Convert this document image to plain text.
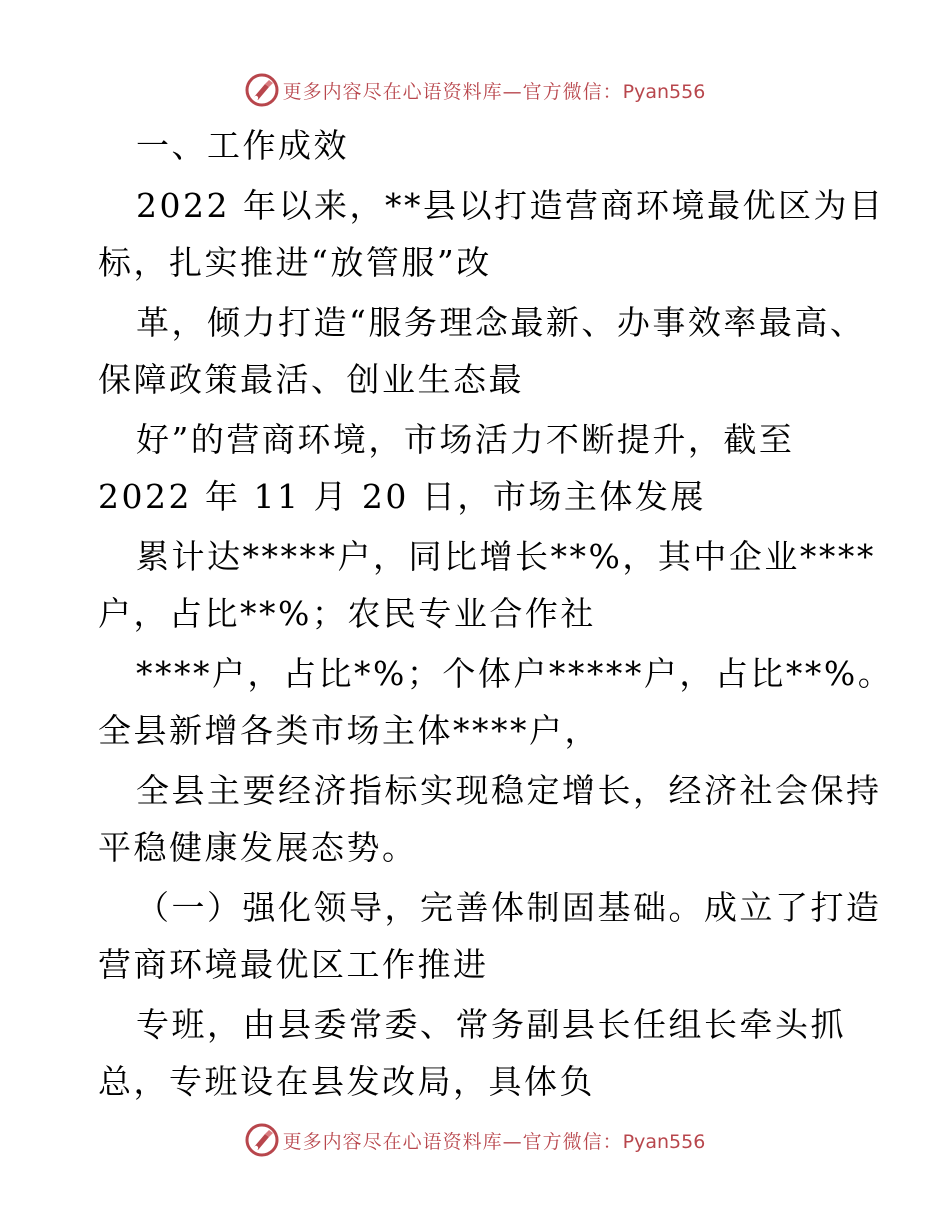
更多内容尽在心语资料库—官方微信：Pyan556
一、工作成效
2022 年以来，**县以打造营商环境最优区为目
标，扎实推进“放管服”改
革，倾力打造“服务理念最新、办事效率最高、
保障政策最活、创业生态最
好”的营商环境，市场活力不断提升，截至
2022 年 11 月 20 日，市场主体发展
累计达*****户，同比增长**%，其中企业****
户，占比**%；农民专业合作社
****户，占比*%；个体户*****户，占比**%。
全县新增各类市场主体****户，
全县主要经济指标实现稳定增长，经济社会保持
平稳健康发展态势。
（一）强化领导，完善体制固基础。成立了打造
营商环境最优区工作推进
专班，由县委常委、常务副县长任组长牵头抓
总，专班设在县发改局，具体负
更多内容尽在心语资料库—官方微信：Pyan556
